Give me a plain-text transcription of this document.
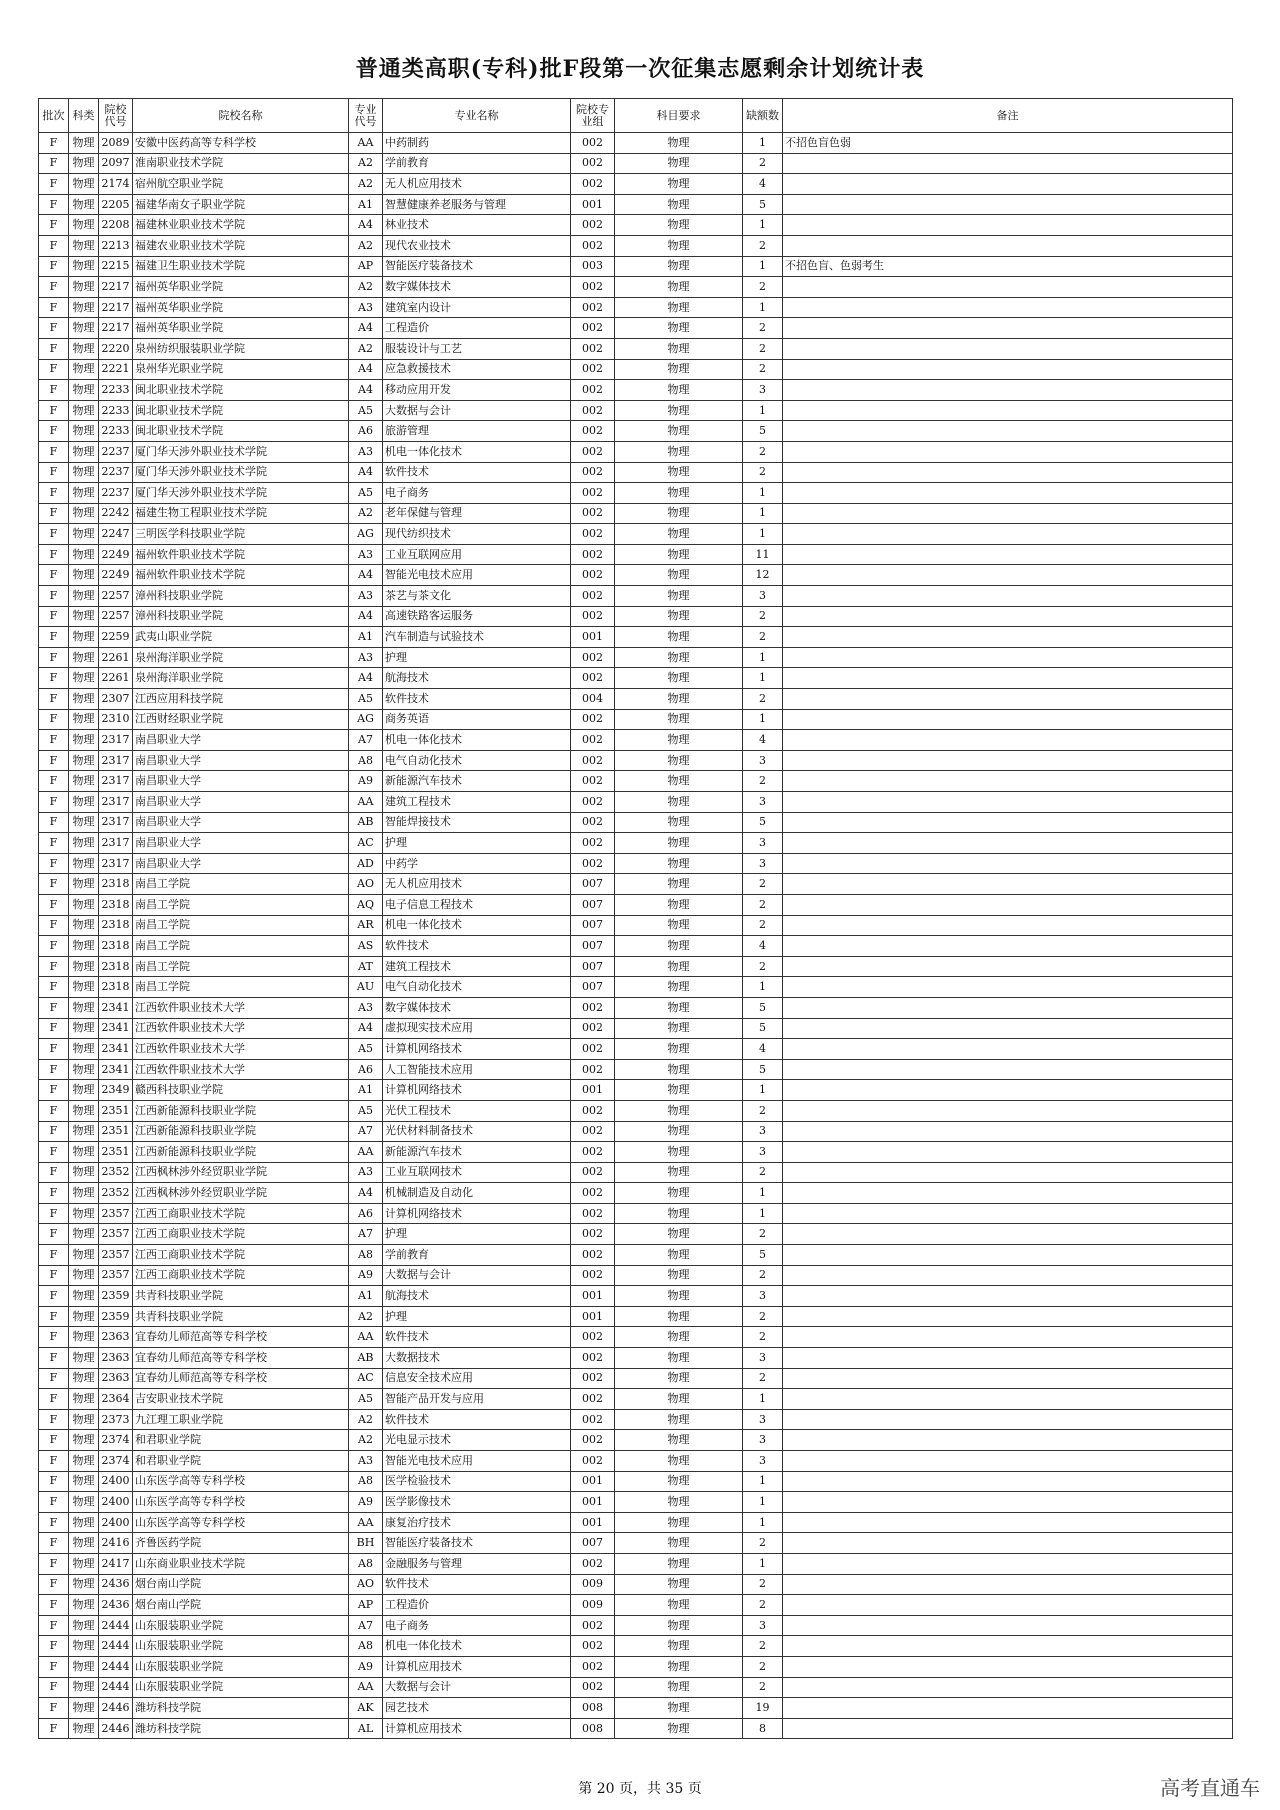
普通类高职(专科)批F段第一次征集志愿剩余计划统计表
批次	科类	院校代号	院校名称	专业代号	专业名称	院校专业组	科目要求	缺额数	备注
F	物理	2089	安徽中医药高等专科学校	AA	中药制药	002	物理	1	不招色盲色弱
F	物理	2097	淮南职业技术学院	A2	学前教育	002	物理	2	
F	物理	2174	宿州航空职业学院	A2	无人机应用技术	002	物理	4	
F	物理	2205	福建华南女子职业学院	A1	智慧健康养老服务与管理	001	物理	5	
F	物理	2208	福建林业职业技术学院	A4	林业技术	002	物理	1	
F	物理	2213	福建农业职业技术学院	A2	现代农业技术	002	物理	2	
F	物理	2215	福建卫生职业技术学院	AP	智能医疗装备技术	003	物理	1	不招色盲、色弱考生
F	物理	2217	福州英华职业学院	A2	数字媒体技术	002	物理	2	
F	物理	2217	福州英华职业学院	A3	建筑室内设计	002	物理	1	
F	物理	2217	福州英华职业学院	A4	工程造价	002	物理	2	
F	物理	2220	泉州纺织服装职业学院	A2	服装设计与工艺	002	物理	2	
F	物理	2221	泉州华光职业学院	A4	应急救援技术	002	物理	2	
F	物理	2233	闽北职业技术学院	A4	移动应用开发	002	物理	3	
F	物理	2233	闽北职业技术学院	A5	大数据与会计	002	物理	1	
F	物理	2233	闽北职业技术学院	A6	旅游管理	002	物理	5	
F	物理	2237	厦门华天涉外职业技术学院	A3	机电一体化技术	002	物理	2	
F	物理	2237	厦门华天涉外职业技术学院	A4	软件技术	002	物理	2	
F	物理	2237	厦门华天涉外职业技术学院	A5	电子商务	002	物理	1	
F	物理	2242	福建生物工程职业技术学院	A2	老年保健与管理	002	物理	1	
F	物理	2247	三明医学科技职业学院	AG	现代纺织技术	002	物理	1	
F	物理	2249	福州软件职业技术学院	A3	工业互联网应用	002	物理	11	
F	物理	2249	福州软件职业技术学院	A4	智能光电技术应用	002	物理	12	
F	物理	2257	漳州科技职业学院	A3	茶艺与茶文化	002	物理	3	
F	物理	2257	漳州科技职业学院	A4	高速铁路客运服务	002	物理	2	
F	物理	2259	武夷山职业学院	A1	汽车制造与试验技术	001	物理	2	
F	物理	2261	泉州海洋职业学院	A3	护理	002	物理	1	
F	物理	2261	泉州海洋职业学院	A4	航海技术	002	物理	1	
F	物理	2307	江西应用科技学院	A5	软件技术	004	物理	2	
F	物理	2310	江西财经职业学院	AG	商务英语	002	物理	1	
F	物理	2317	南昌职业大学	A7	机电一体化技术	002	物理	4	
F	物理	2317	南昌职业大学	A8	电气自动化技术	002	物理	3	
F	物理	2317	南昌职业大学	A9	新能源汽车技术	002	物理	2	
F	物理	2317	南昌职业大学	AA	建筑工程技术	002	物理	3	
F	物理	2317	南昌职业大学	AB	智能焊接技术	002	物理	5	
F	物理	2317	南昌职业大学	AC	护理	002	物理	3	
F	物理	2317	南昌职业大学	AD	中药学	002	物理	3	
F	物理	2318	南昌工学院	AO	无人机应用技术	007	物理	2	
F	物理	2318	南昌工学院	AQ	电子信息工程技术	007	物理	2	
F	物理	2318	南昌工学院	AR	机电一体化技术	007	物理	2	
F	物理	2318	南昌工学院	AS	软件技术	007	物理	4	
F	物理	2318	南昌工学院	AT	建筑工程技术	007	物理	2	
F	物理	2318	南昌工学院	AU	电气自动化技术	007	物理	1	
F	物理	2341	江西软件职业技术大学	A3	数字媒体技术	002	物理	5	
F	物理	2341	江西软件职业技术大学	A4	虚拟现实技术应用	002	物理	5	
F	物理	2341	江西软件职业技术大学	A5	计算机网络技术	002	物理	4	
F	物理	2341	江西软件职业技术大学	A6	人工智能技术应用	002	物理	5	
F	物理	2349	赣西科技职业学院	A1	计算机网络技术	001	物理	1	
F	物理	2351	江西新能源科技职业学院	A5	光伏工程技术	002	物理	2	
F	物理	2351	江西新能源科技职业学院	A7	光伏材料制备技术	002	物理	3	
F	物理	2351	江西新能源科技职业学院	AA	新能源汽车技术	002	物理	3	
F	物理	2352	江西枫林涉外经贸职业学院	A3	工业互联网技术	002	物理	2	
F	物理	2352	江西枫林涉外经贸职业学院	A4	机械制造及自动化	002	物理	1	
F	物理	2357	江西工商职业技术学院	A6	计算机网络技术	002	物理	1	
F	物理	2357	江西工商职业技术学院	A7	护理	002	物理	2	
F	物理	2357	江西工商职业技术学院	A8	学前教育	002	物理	5	
F	物理	2357	江西工商职业技术学院	A9	大数据与会计	002	物理	2	
F	物理	2359	共青科技职业学院	A1	航海技术	001	物理	3	
F	物理	2359	共青科技职业学院	A2	护理	001	物理	2	
F	物理	2363	宜春幼儿师范高等专科学校	AA	软件技术	002	物理	2	
F	物理	2363	宜春幼儿师范高等专科学校	AB	大数据技术	002	物理	3	
F	物理	2363	宜春幼儿师范高等专科学校	AC	信息安全技术应用	002	物理	2	
F	物理	2364	吉安职业技术学院	A5	智能产品开发与应用	002	物理	1	
F	物理	2373	九江理工职业学院	A2	软件技术	002	物理	3	
F	物理	2374	和君职业学院	A2	光电显示技术	002	物理	3	
F	物理	2374	和君职业学院	A3	智能光电技术应用	002	物理	3	
F	物理	2400	山东医学高等专科学校	A8	医学检验技术	001	物理	1	
F	物理	2400	山东医学高等专科学校	A9	医学影像技术	001	物理	1	
F	物理	2400	山东医学高等专科学校	AA	康复治疗技术	001	物理	1	
F	物理	2416	齐鲁医药学院	BH	智能医疗装备技术	007	物理	2	
F	物理	2417	山东商业职业技术学院	A8	金融服务与管理	002	物理	1	
F	物理	2436	烟台南山学院	AO	软件技术	009	物理	2	
F	物理	2436	烟台南山学院	AP	工程造价	009	物理	2	
F	物理	2444	山东服装职业学院	A7	电子商务	002	物理	3	
F	物理	2444	山东服装职业学院	A8	机电一体化技术	002	物理	2	
F	物理	2444	山东服装职业学院	A9	计算机应用技术	002	物理	2	
F	物理	2444	山东服装职业学院	AA	大数据与会计	002	物理	2	
F	物理	2446	潍坊科技学院	AK	园艺技术	008	物理	19	
F	物理	2446	潍坊科技学院	AL	计算机应用技术	008	物理	8	
第 20 页，共 35 页	高考直通车
